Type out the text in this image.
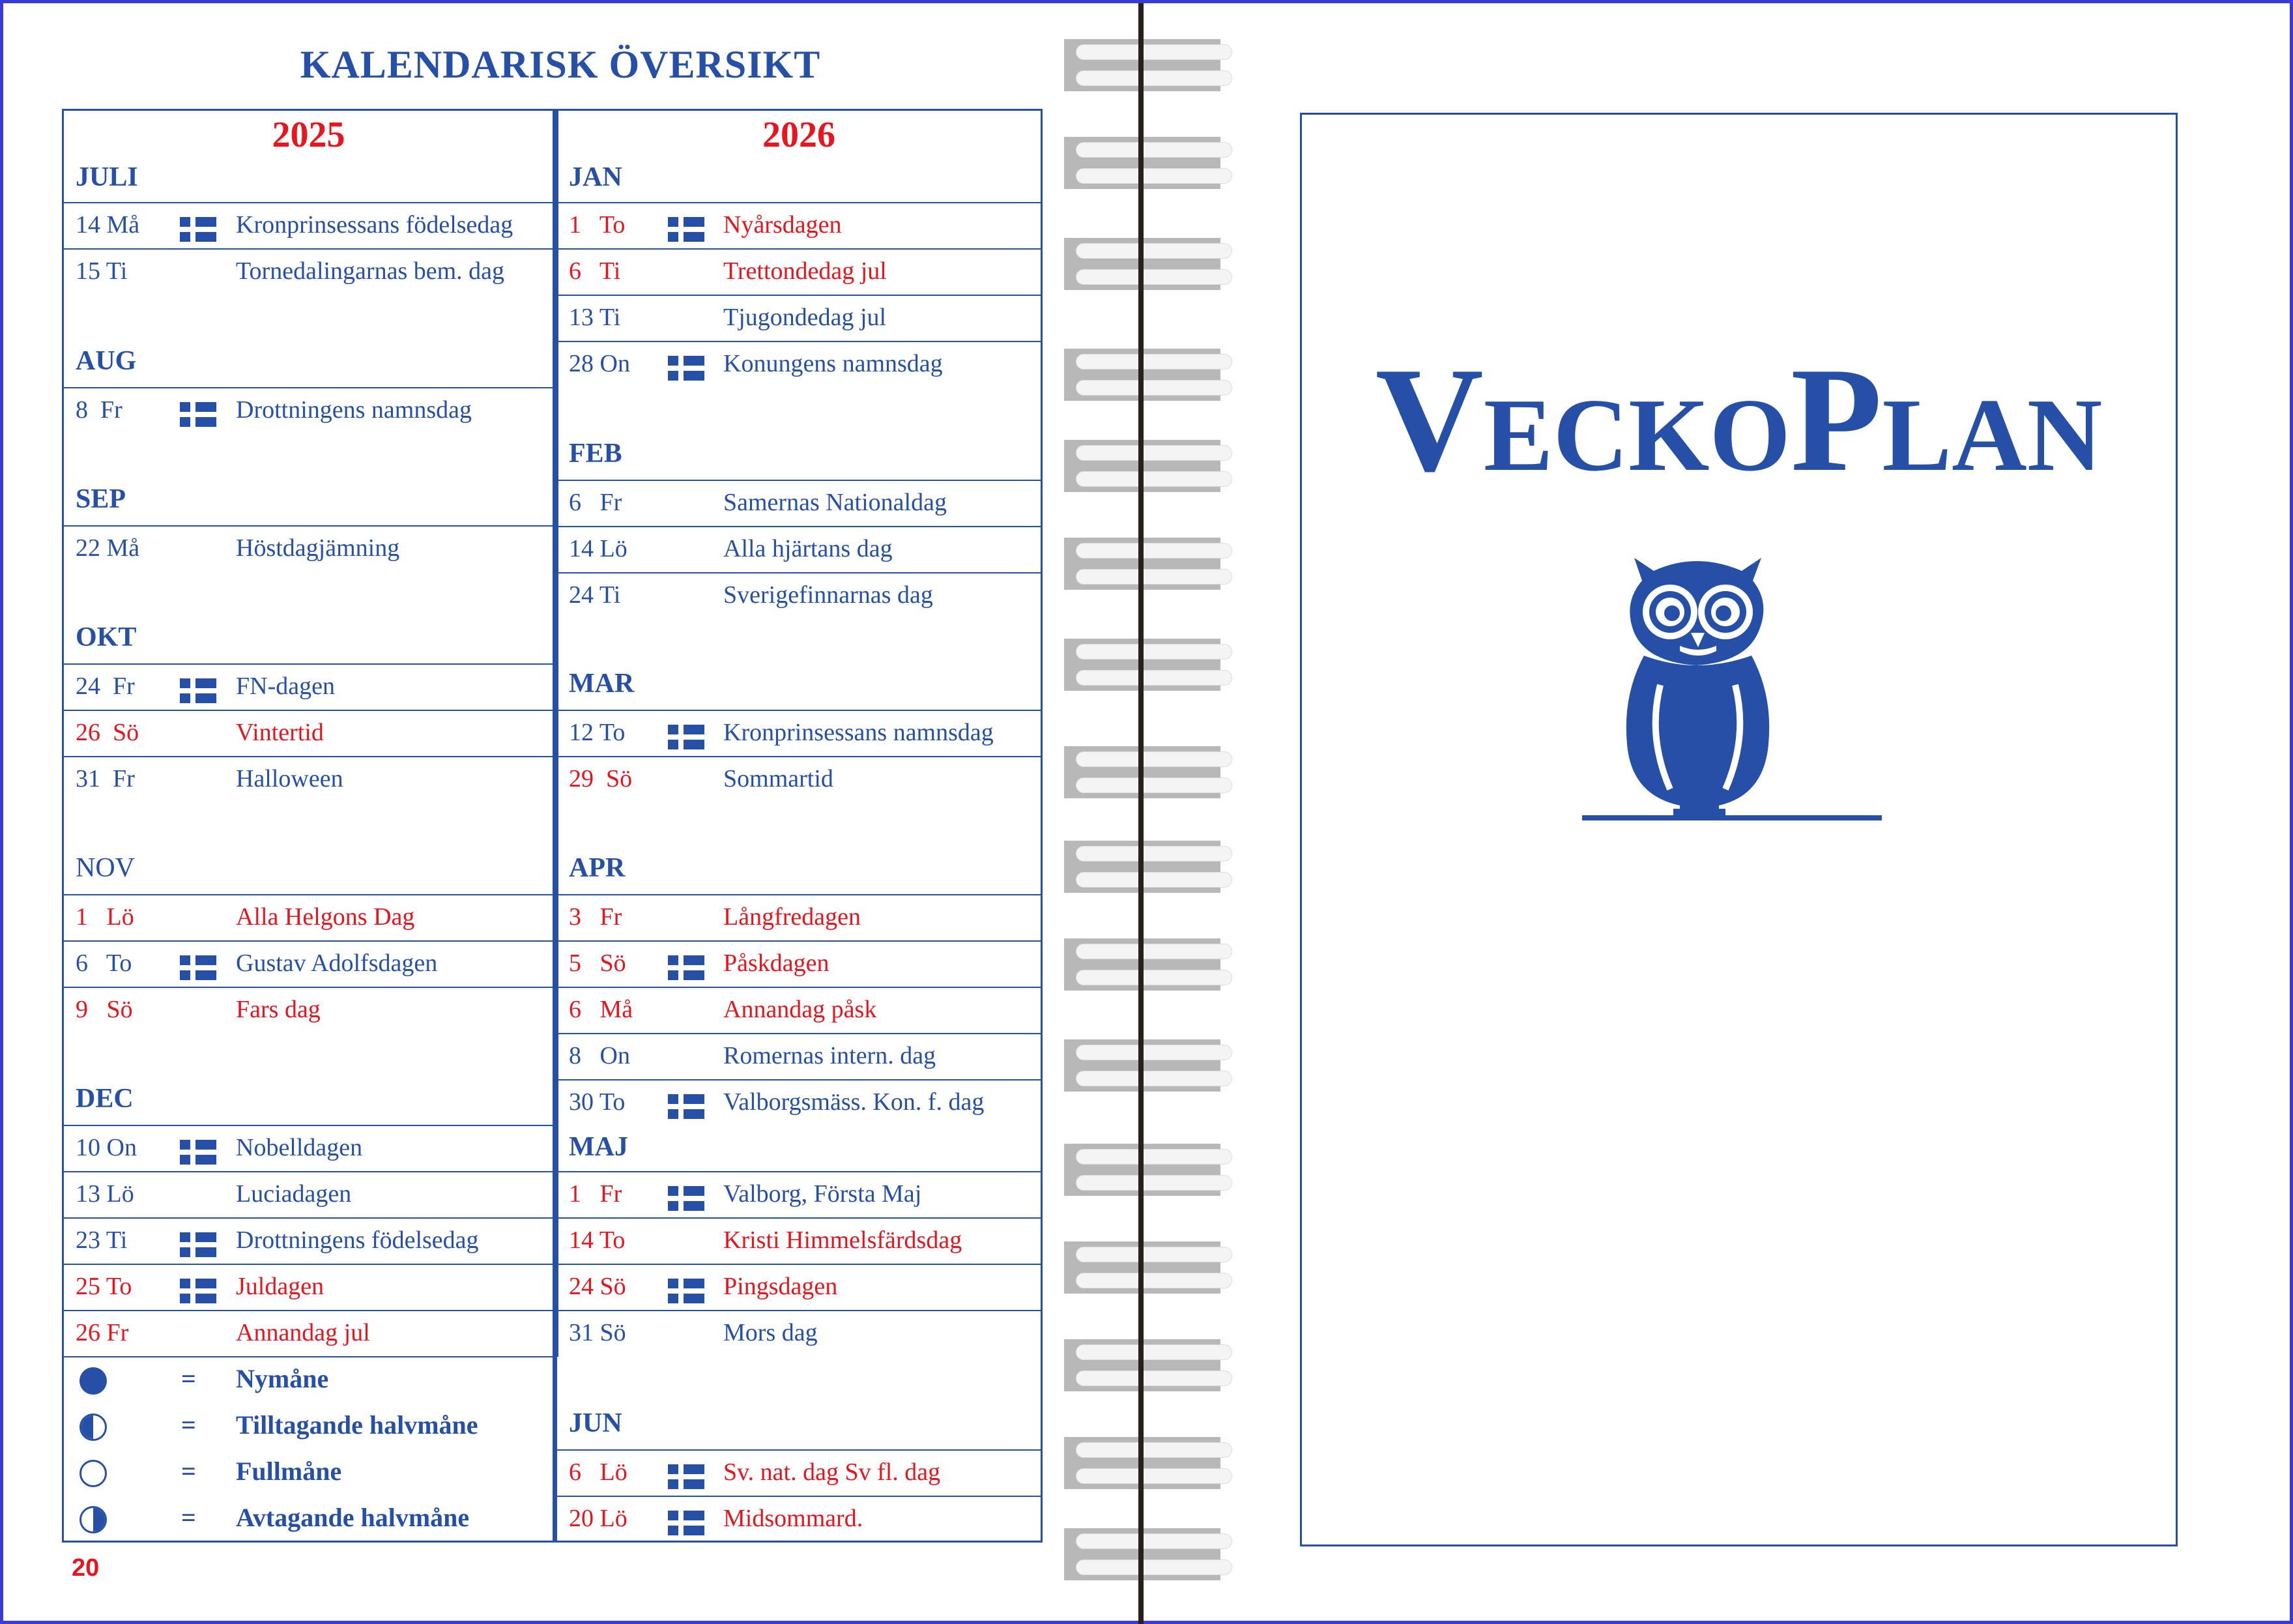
KALENDARISK ÖVERSIKT
2025
JULI
14 Må	Kronprinsessans födelsedag
15 Ti	Tornedalingarnas bem. dag
AUG
8  Fr	Drottningens namnsdag
SEP
22 Må	Höstdagjämning
OKT
24  Fr	FN-dagen
26  Sö	Vintertid
31  Fr	Halloween
NOV
1   Lö	Alla Helgons Dag
6   To	Gustav Adolfsdagen
9   Sö	Fars dag
DEC
10 On	Nobelldagen
13 Lö	Luciadagen
23 Ti	Drottningens födelsedag
25 To	Juldagen
26 Fr	Annandag jul
= Nymåne
= Tilltagande halvmåne
= Fullmåne
= Avtagande halvmåne
2026
JAN
1   To	Nyårsdagen
6   Ti	Trettondedag jul
13 Ti	Tjugondedag jul
28 On	Konungens namnsdag
FEB
6   Fr	Samernas Nationaldag
14 Lö	Alla hjärtans dag
24 Ti	Sverigefinnarnas dag
MAR
12 To	Kronprinsessans namnsdag
29  Sö	Sommartid
APR
3   Fr	Långfredagen
5   Sö	Påskdagen
6   Må	Annandag påsk
8   On	Romernas intern. dag
30 To	Valborgsmäss. Kon. f. dag
MAJ
1   Fr	Valborg, Första Maj
14 To	Kristi Himmelsfärdsdag
24 Sö	Pingsdagen
31 Sö	Mors dag
JUN
6   Lö	Sv. nat. dag Sv fl. dag
20 Lö	Midsommard.
20
VECKOPLAN
